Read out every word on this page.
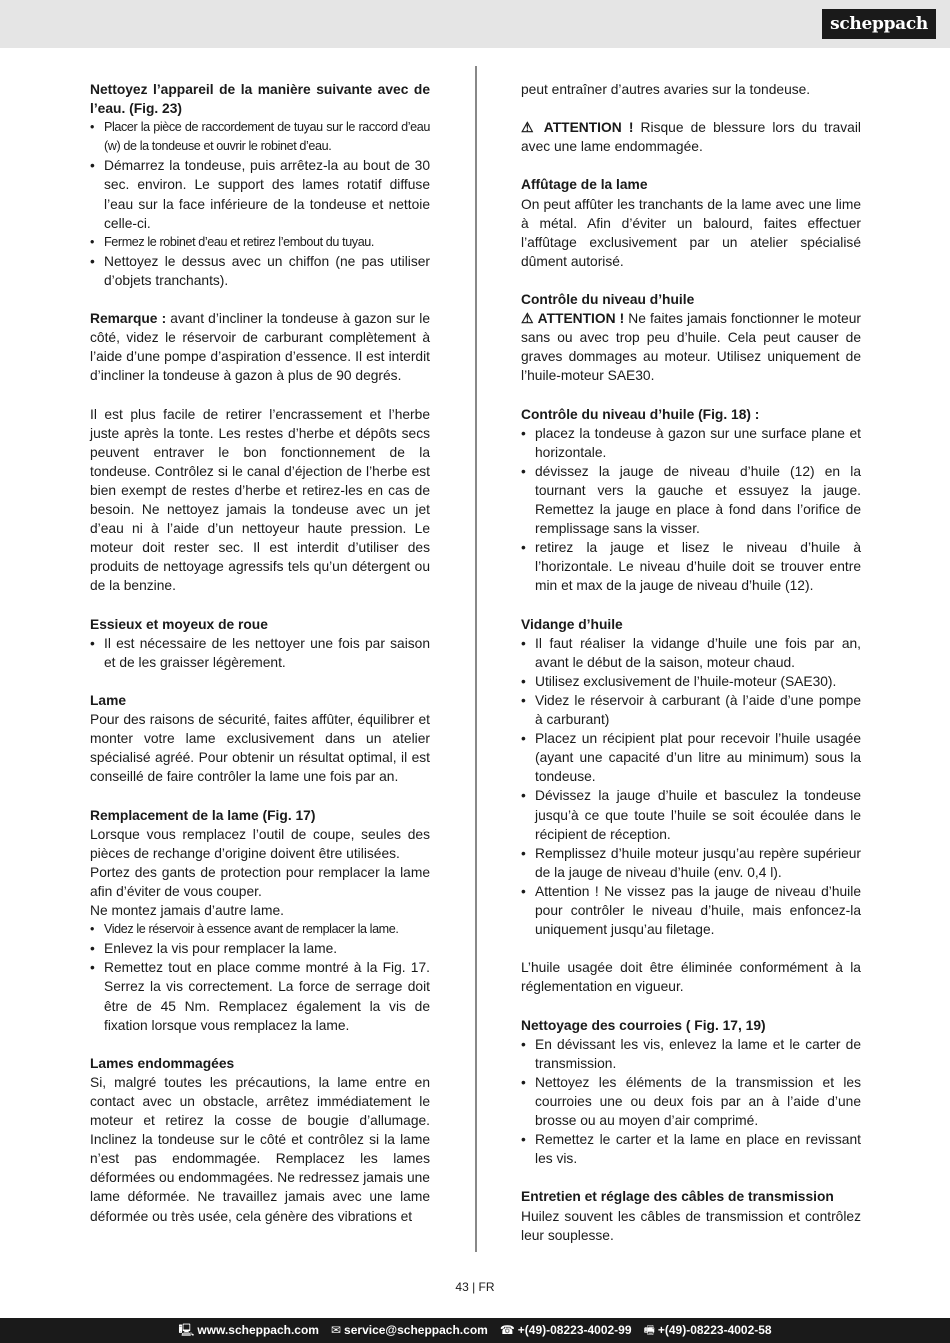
scheppach
Nettoyez l’appareil de la manière suivante avec de l’eau. (Fig. 23)
• Placer la pièce de raccordement de tuyau sur le raccord d’eau (w) de la tondeuse et ouvrir le robinet d’eau.
• Démarrez la tondeuse, puis arrêtez-la au bout de 30 sec. environ. Le support des lames rotatif diffuse l’eau sur la face inférieure de la tondeuse et nettoie celle-ci.
• Fermez le robinet d’eau et retirez l’embout du tuyau.
• Nettoyez le dessus avec un chiffon (ne pas utiliser d’objets tranchants).

Remarque : avant d’incliner la tondeuse à gazon sur le côté, videz le réservoir de carburant complètement à l’aide d’une pompe d’aspiration d’essence. Il est interdit d’incliner la tondeuse à gazon à plus de 90 degrés.

Il est plus facile de retirer l’encrassement et l’herbe juste après la tonte. Les restes d’herbe et dépôts secs peuvent entraver le bon fonctionnement de la tondeuse. Contrôlez si le canal d’éjection de l’herbe est bien exempt de restes d’herbe et retirez-les en cas de besoin. Ne nettoyez jamais la tondeuse avec un jet d’eau ni à l’aide d’un nettoyeur haute pression. Le moteur doit rester sec. Il est interdit d’utiliser des produits de nettoyage agressifs tels qu’un détergent ou de la benzine.

Essieux et moyeux de roue
• Il est nécessaire de les nettoyer une fois par saison et de les graisser légèrement.
Lame

Pour des raisons de sécurité, faites affûter, équilibrer et monter votre lame exclusivement dans un atelier spécialisé agréé. Pour obtenir un résultat optimal, il est conseillé de faire contrôler la lame une fois par an.

Remplacement de la lame (Fig. 17)

Lorsque vous remplacez l’outil de coupe, seules des pièces de rechange d’origine doivent être utilisées.

Portez des gants de protection pour remplacer la lame afin d’éviter de vous couper.

Ne montez jamais d’autre lame.

• Videz le réservoir à essence avant de remplacer la lame.
• Enlevez la vis pour remplacer la lame.
• Remettez tout en place comme montré à la Fig. 17. Serrez la vis correctement. La force de serrage doit être de 45 Nm. Remplacez également la vis de fixation lorsque vous remplacez la lame.
Lames endommagées

Si, malgré toutes les précautions, la lame entre en contact avec un obstacle, arrêtez immédiatement le moteur et retirez la cosse de bougie d’allumage. Inclinez la tondeuse sur le côté et contrôlez si la lame n’est pas endommagée. Remplacez les lames déformées ou endommagées. Ne redressez jamais une lame déformée. Ne travaillez jamais avec une lame déformée ou très usée, cela génère des vibrations et

peut entraîner d’autres avaries sur la tondeuse.

⚠ ATTENTION ! Risque de blessure lors du travail avec une lame endommagée.

Affûtage de la lame

On peut affûter les tranchants de la lame avec une lime à métal. Afin d’éviter un balourd, faites effectuer l’affûtage exclusivement par un atelier spécialisé dûment autorisé.

Contrôle du niveau d’huile

⚠ ATTENTION ! Ne faites jamais fonctionner le moteur sans ou avec trop peu d’huile. Cela peut causer de graves dommages au moteur. Utilisez uniquement de l’huile-moteur SAE30.

Contrôle du niveau d’huile (Fig. 18) :
• placez la tondeuse à gazon sur une surface plane et horizontale.
• dévissez la jauge de niveau d’huile (12) en la tournant vers la gauche et essuyez la jauge. Remettez la jauge en place à fond dans l’orifice de remplissage sans la visser.
• retirez la jauge et lisez le niveau d’huile à l’horizontale. Le niveau d’huile doit se trouver entre min et max de la jauge de niveau d’huile (12).
Vidange d’huile
• Il faut réaliser la vidange d’huile une fois par an, avant le début de la saison, moteur chaud.
• Utilisez exclusivement de l’huile-moteur (SAE30).
• Videz le réservoir à carburant (à l’aide d’une pompe à carburant)
• Placez un récipient plat pour recevoir l’huile usagée (ayant une capacité d’un litre au minimum) sous la tondeuse.
• Dévissez la jauge d’huile et basculez la tondeuse jusqu’à ce que toute l’huile se soit écoulée dans le récipient de réception.
• Remplissez d’huile moteur jusqu’au repère supérieur de la jauge de niveau d’huile (env. 0,4 l).
• Attention ! Ne vissez pas la jauge de niveau d’huile pour contrôler le niveau d’huile, mais enfoncez-la uniquement jusqu’au filetage.

L’huile usagée doit être éliminée conformément à la réglementation en vigueur.

Nettoyage des courroies ( Fig. 17, 19)
• En dévissant les vis, enlevez la lame et le carter de transmission.
• Nettoyez les éléments de la transmission et les courroies une ou deux fois par an à l’aide d’une brosse ou au moyen d’air comprimé.
• Remettez le carter et la lame en place en revissant les vis.
Entretien et réglage des câbles de transmission

Huilez souvent les câbles de transmission et contrôlez leur souplesse.

43 | FR
🖳 www.scheppach.com ✉ service@scheppach.com ☎ +(49)-08223-4002-99 🖷 +(49)-08223-4002-58
